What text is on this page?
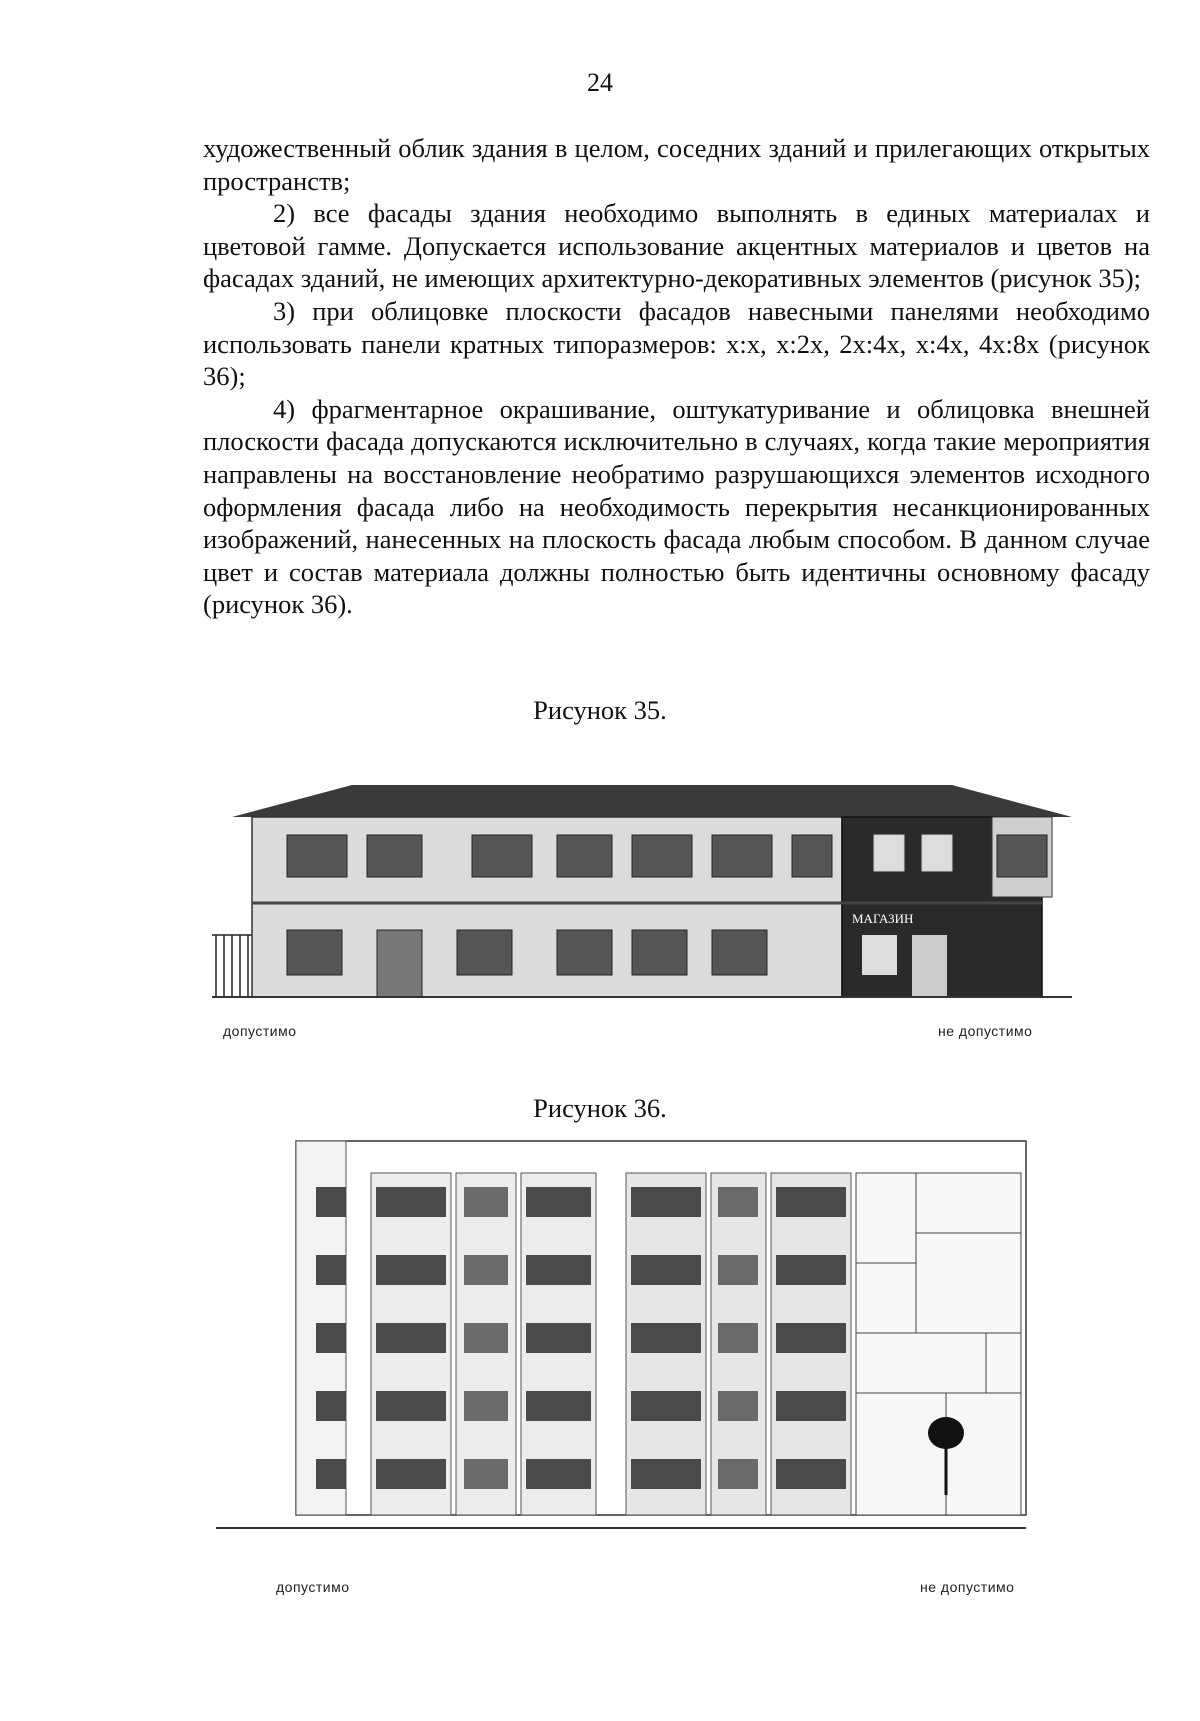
24

художественный облик здания в целом, соседних зданий и прилегающих открытых пространств;

2) все фасады здания необходимо выполнять в единых материалах и цветовой гамме. Допускается использование акцентных материалов и цветов на фасадах зданий, не имеющих архитектурно-декоративных элементов (рисунок 35);

3) при облицовке плоскости фасадов навесными панелями необходимо использовать панели кратных типоразмеров: x:x, x:2x, 2x:4x, x:4x, 4x:8x (рисунок 36);

4) фрагментарное окрашивание, оштукатуривание и облицовка внешней плоскости фасада допускаются исключительно в случаях, когда такие мероприятия направлены на восстановление необратимо разрушающихся элементов исходного оформления фасада либо на необходимость перекрытия несанкционированных изображений, нанесенных на плоскость фасада любым способом. В данном случае цвет и состав материала должны полностью быть идентичны основному фасаду (рисунок 36).

Рисунок 35.
МАГАЗИН
допустимо	не допустимо
Рисунок 36.
допустимо	не допустимо
